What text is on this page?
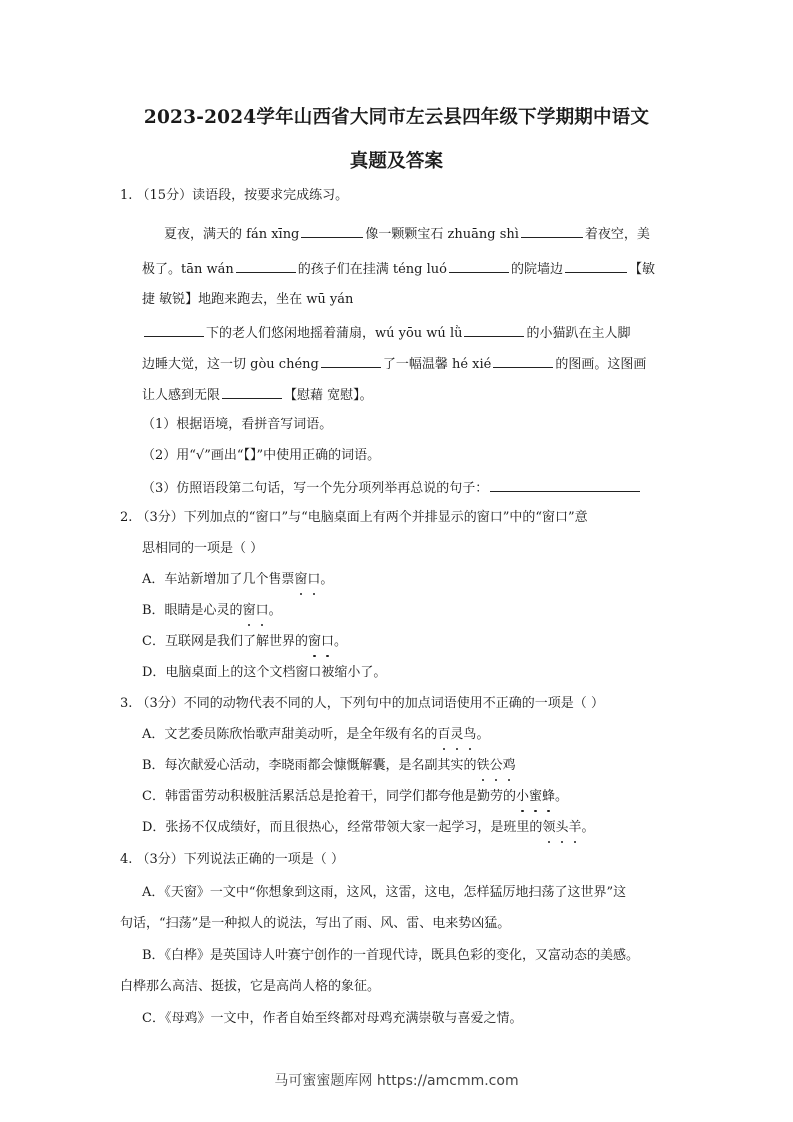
2023-2024学年山西省大同市左云县四年级下学期期中语文
真题及答案
1. （15分）读语段，按要求完成练习。
夏夜，满天的 fán xīng	像一颗颗宝石 zhuāng shì	着夜空，美
极了。tān wán	的孩子们在挂满 téng luó	的院墙边	【敏
捷 敏锐】地跑来跑去，坐在 wū yán
下的老人们悠闲地摇着蒲扇，wú yōu wú lǜ	的小猫趴在主人脚
边睡大觉，这一切 gòu chéng	了一幅温馨 hé xié	的图画。这图画
让人感到无限	【慰藉 宽慰】。
（1）根据语境，看拼音写词语。
（2）用“√”画出“【】”中使用正确的词语。
（3）仿照语段第二句话，写一个先分项列举再总说的句子：
2. （3分）下列加点的“窗口”与“电脑桌面上有两个并排显示的窗口”中的“窗口”意
思相同的一项是（ ）
A．车站新增加了几个售票窗口。
B．眼睛是心灵的窗口。
C．互联网是我们了解世界的窗口。
D．电脑桌面上的这个文档窗口被缩小了。
3. （3分）不同的动物代表不同的人，下列句中的加点词语使用不正确的一项是（ ）
A．文艺委员陈欣怡歌声甜美动听，是全年级有名的百灵鸟。
B．每次献爱心活动，李晓雨都会慷慨解囊，是名副其实的铁公鸡
C．韩雷雷劳动积极脏活累活总是抢着干，同学们都夸他是勤劳的小蜜蜂。
D．张扬不仅成绩好，而且很热心，经常带领大家一起学习，是班里的领头羊。
4. （3分）下列说法正确的一项是（ ）
A．《天窗》一文中“你想象到这雨，这风，这雷，这电，怎样猛厉地扫荡了这世界”这
句话，“扫荡”是一种拟人的说法，写出了雨、风、雷、电来势凶猛。
B．《白桦》是英国诗人叶赛宁创作的一首现代诗，既具色彩的变化，又富动态的美感。
白桦那么高洁、挺拔，它是高尚人格的象征。
C．《母鸡》一文中，作者自始至终都对母鸡充满崇敬与喜爱之情。
马可蜜蜜题库网 https://amcmm.com
